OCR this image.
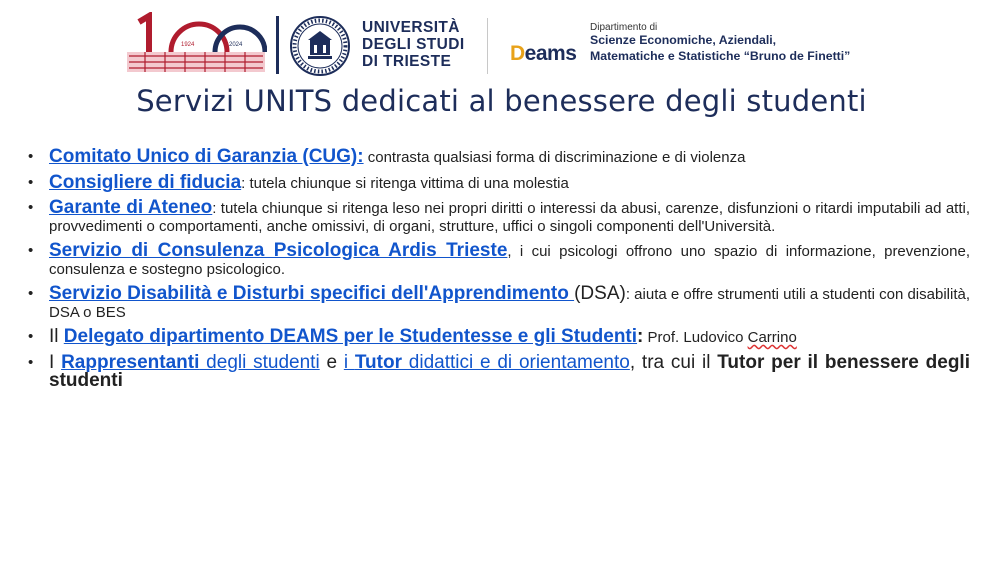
1924	2024
UNIVERSITÀ
DEGLI STUDI
DI TRIESTE	Deams
Dipartimento di
Scienze Economiche, Aziendali,
Matematiche e Statistiche “Bruno de Finetti”
Servizi UNITS dedicati al benessere degli studenti
• Comitato Unico di Garanzia (CUG): contrasta qualsiasi forma di discriminazione e di violenza
• Consigliere di fiducia: tutela chiunque si ritenga vittima di una molestia
• Garante di Ateneo: tutela chiunque si ritenga leso nei propri diritti o interessi da abusi, carenze, disfunzioni o ritardi imputabili ad atti, provvedimenti o comportamenti, anche omissivi, di organi, strutture, uffici o singoli componenti dell'Università.
• Servizio di Consulenza Psicologica Ardis Trieste, i cui psicologi offrono uno spazio di informazione, prevenzione, consulenza e sostegno psicologico.
• Servizio Disabilità e Disturbi specifici dell'Apprendimento (DSA): aiuta e offre strumenti utili a studenti con disabilità, DSA o BES
• Il Delegato dipartimento DEAMS per le Studentesse e gli Studenti: Prof. Ludovico Carrino
• I Rappresentanti degli studenti e i Tutor didattici e di orientamento, tra cui il Tutor per il benessere degli studenti
